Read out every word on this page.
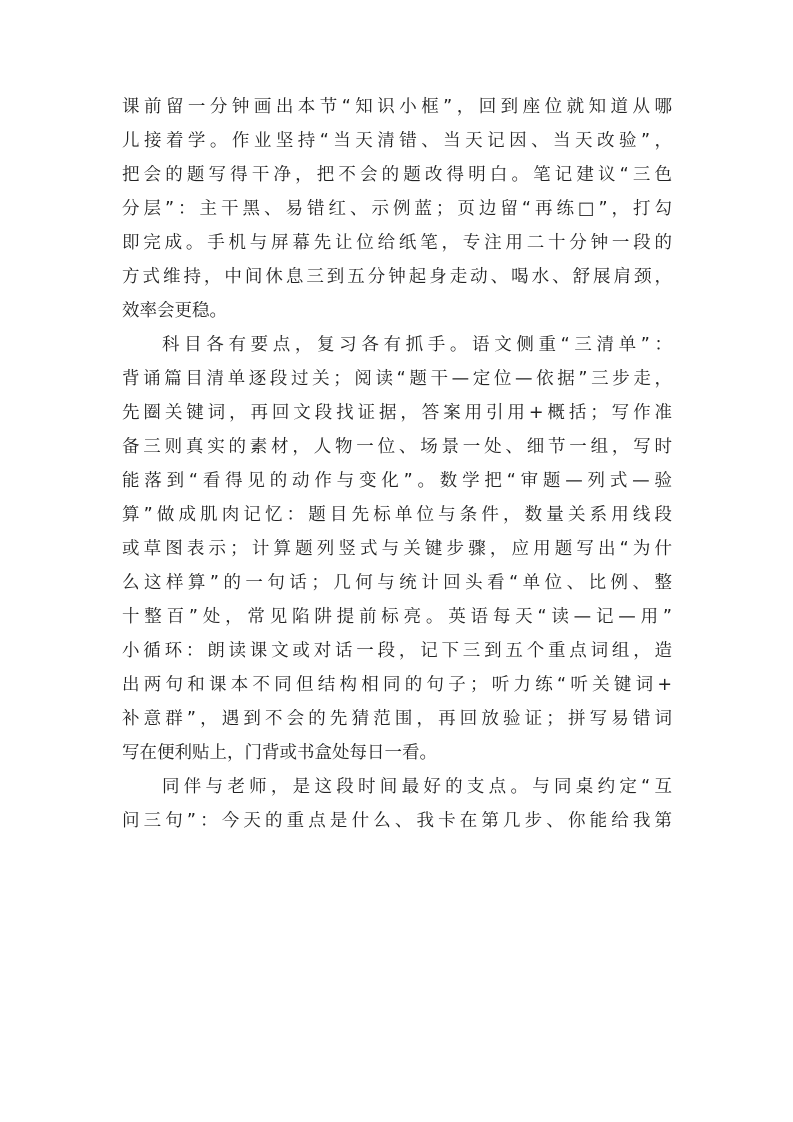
课前留一分钟画出本节“知识小框”，回到座位就知道从哪
儿接着学。作业坚持“当天清错、当天记因、当天改验”，
把会的题写得干净，把不会的题改得明白。笔记建议“三色
分层”：主干黑、易错红、示例蓝；页边留“再练□”，打勾
即完成。手机与屏幕先让位给纸笔，专注用二十分钟一段的
方式维持，中间休息三到五分钟起身走动、喝水、舒展肩颈，
效率会更稳。
科目各有要点，复习各有抓手。语文侧重“三清单”：
背诵篇目清单逐段过关；阅读“题干—定位—依据”三步走，
先圈关键词，再回文段找证据，答案用引用+概括；写作准
备三则真实的素材，人物一位、场景一处、细节一组，写时
能落到“看得见的动作与变化”。数学把“审题—列式—验
算”做成肌肉记忆：题目先标单位与条件，数量关系用线段
或草图表示；计算题列竖式与关键步骤，应用题写出“为什
么这样算”的一句话；几何与统计回头看“单位、比例、整
十整百”处，常见陷阱提前标亮。英语每天“读—记—用”
小循环：朗读课文或对话一段，记下三到五个重点词组，造
出两句和课本不同但结构相同的句子；听力练“听关键词+
补意群”，遇到不会的先猜范围，再回放验证；拼写易错词
写在便利贴上，门背或书盒处每日一看。
同伴与老师，是这段时间最好的支点。与同桌约定“互
问三句”：今天的重点是什么、我卡在第几步、你能给我第
